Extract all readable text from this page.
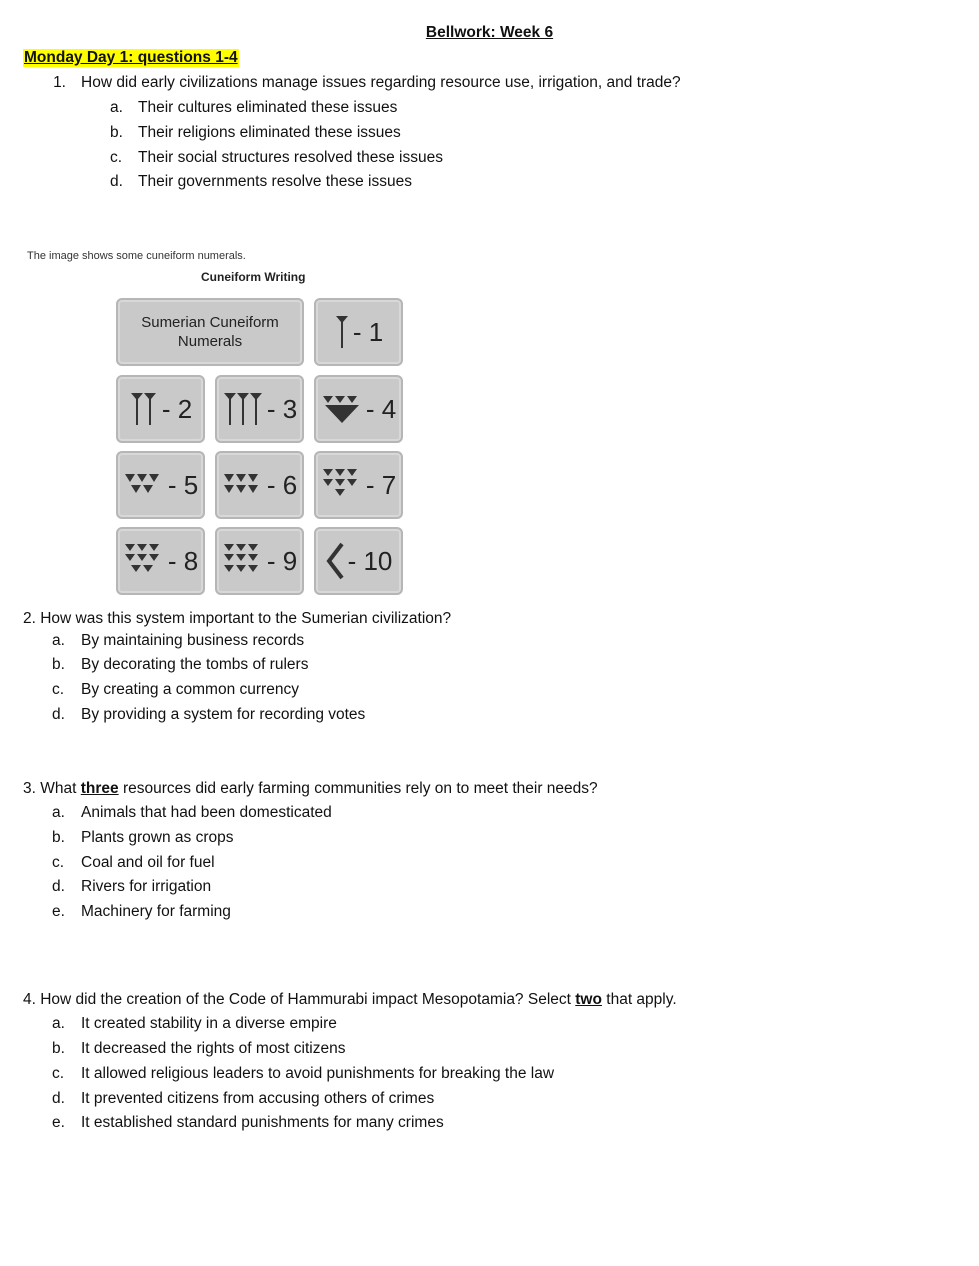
Bellwork: Week 6
Monday Day 1: questions 1-4
1. How did early civilizations manage issues regarding resource use, irrigation, and trade?
a. Their cultures eliminated these issues
b. Their religions eliminated these issues
c.	Their social structures resolved these issues
d. Their governments resolve these issues
The image shows some cuneiform numerals.
Cuneiform Writing
Sumerian Cuneiform
Numerals	- 1
- 2	- 3	- 4
- 5	- 6	- 7
- 8	- 9 - 10
2. How was this system important to the Sumerian civilization?
a.	By maintaining business records
b.	By decorating the tombs of rulers
c.	By creating a common currency
d.	By providing a system for recording votes
3. What three resources did early farming communities rely on to meet their needs?
a.	Animals that had been domesticated
b.	Plants grown as crops
c.	Coal and oil for fuel
d.	Rivers for irrigation
e.	Machinery for farming
4. How did the creation of the Code of Hammurabi impact Mesopotamia? Select two that apply.
a.	It created stability in a diverse empire
b.	It decreased the rights of most citizens
c.	It allowed religious leaders to avoid punishments for breaking the law
d.	It prevented citizens from accusing others of crimes
e.	It established standard punishments for many crimes
